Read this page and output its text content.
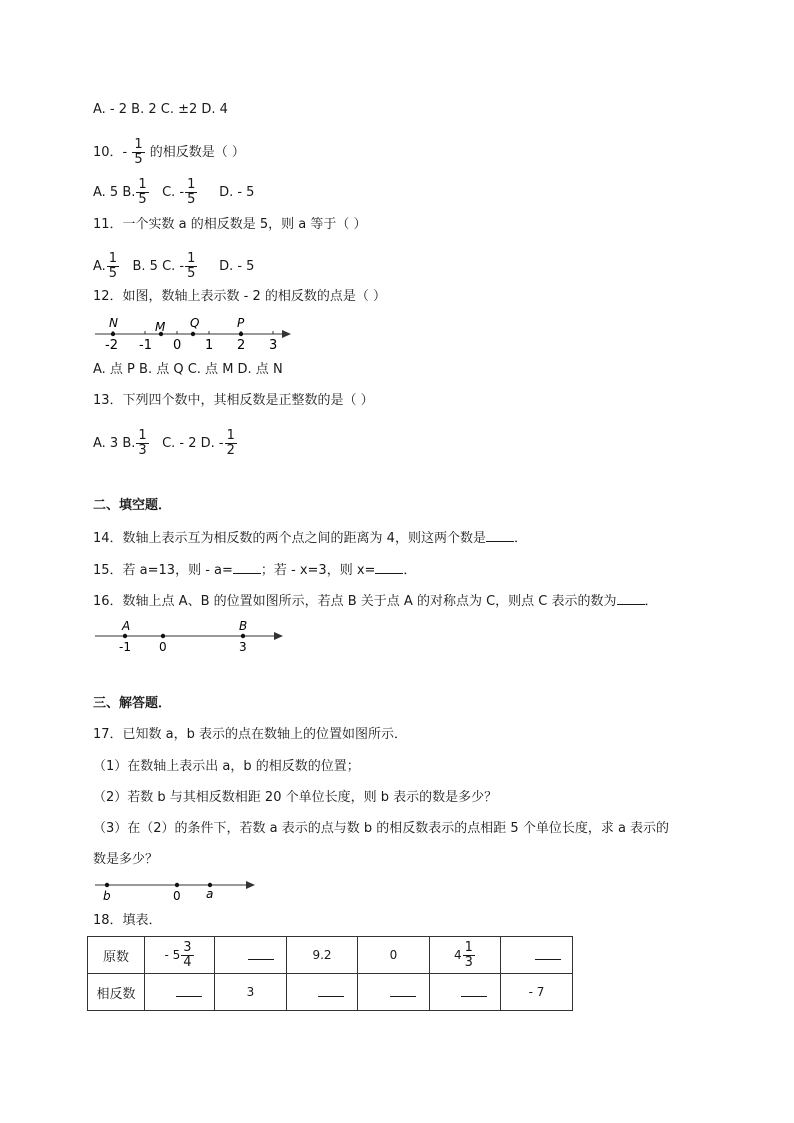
A. - 2 B. 2 C. ±2 D. 4
10．- $\frac{1}{5}$ 的相反数是（ ）
A. 5 B. $\frac{1}{5} C$. - $\frac{1}{5} D$. - 5
11．一个实数 a 的相反数是 5，则 a 等于（ ）
A. $\frac{1}{5} B$. 5 C. - $\frac{1}{5} D$. - 5
12．如图，数轴上表示数 - 2 的相反数的点是（ ）
N	M Q	P
-2 -1 0 1 2 3
A. 点 P B. 点 Q C. 点 M D. 点 N
13．下列四个数中，其相反数是正整数的是（ ）
A. 3 B. $\frac{1}{3} C$. - 2 D. - $\frac{1}{2}$
二、填空题．
14．数轴上表示互为相反数的两个点之间的距离为 4，则这两个数是 ．
15．若 a=13，则 - a= ；若 - x=3，则 x= ．
16．数轴上点 A、B 的位置如图所示，若点 B 关于点 A 的对称点为 C，则点 C 表示的数为 ．
A	B
-1 0	3
三、解答题．
17．已知数 a，b 表示的点在数轴上的位置如图所示．
（1）在数轴上表示出 a，b 的相反数的位置；
（2）若数 b 与其相反数相距 20 个单位长度，则 b 表示的数是多少？
（3）在（2）的条件下，若数 a 表示的点与数 b 的相反数表示的点相距 5 个单位长度，求 a 表示的
数是多少？
b	0 a
18．填表．
原数	- $5 \frac{3}{4}$		9.2	0	$4 \frac{1}{3}$

相反数		3				- 7
